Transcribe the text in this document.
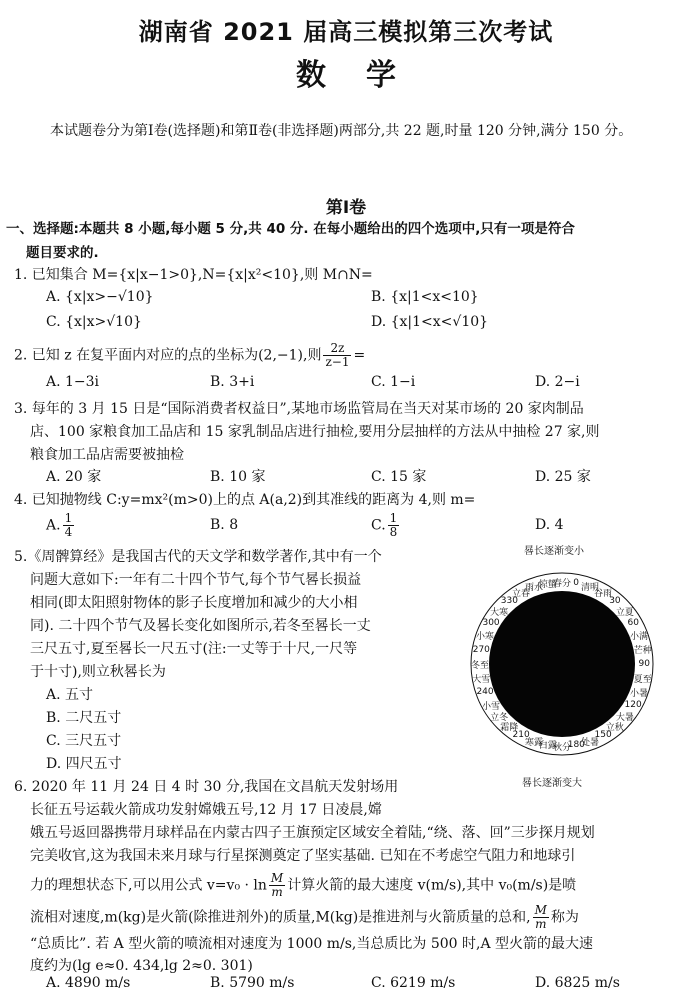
湖南省 2021 届高三模拟第三次考试
数学
本试题卷分为第Ⅰ卷(选择题)和第Ⅱ卷(非选择题)两部分,共 22 题,时量 120 分钟,满分 150 分。
第Ⅰ卷
一、选择题:本题共 8 小题,每小题 5 分,共 40 分. 在每小题给出的四个选项中,只有一项是符合
题目要求的.
1. 已知集合 M={x|x−1>0},N={x|x²<10},则 M∩N=
A. {x|x>−√10}	B. {x|1<x<10}
C. {x|x>√10}	D. {x|1<x<√10}
2. 已知 z 在复平面内对应的点的坐标为(2,−1),则 $\frac{2z}{z-1}$ =
A. 1−3i	B. 3+i	C. 1−i	D. 2−i
3. 每年的 3 月 15 日是“国际消费者权益日”,某地市场监管局在当天对某市场的 20 家肉制品
店、100 家粮食加工品店和 15 家乳制品店进行抽检,要用分层抽样的方法从中抽检 27 家,则
粮食加工品店需要被抽检
A. 20 家	B. 10 家	C. 15 家	D. 25 家
4. 已知抛物线 C:y=mx²(m>0)上的点 A(a,2)到其准线的距离为 4,则 m=
A. $\frac{1}{4}$	B. 8	C. $\frac{1}{8}$	D. 4
5.《周髀算经》是我国古代的天文学和数学著作,其中有一个
问题大意如下:一年有二十四个节气,每个节气晷长损益
相同(即太阳照射物体的影子长度增加和减少的大小相
同). 二十四个节气及晷长变化如图所示,若冬至晷长一丈
三尺五寸,夏至晷长一尺五寸(注:一丈等于十尺,一尺等
于十寸),则立秋晷长为
A. 五寸
B. 二尺五寸
C. 三尺五寸
D. 四尺五寸
晷长逐渐变小
春分 0
清明
谷雨
30
立夏
60
小满
芒种
90
夏至
小暑
120
大暑
立秋
150
处暑
180
秋分
白露
寒露
210
霜降
立冬
小雪
240
大雪
冬至
270
小寒
300
大寒
330
立春
雨水
惊蛰
晷长逐渐变大
6. 2020 年 11 月 24 日 4 时 30 分,我国在文昌航天发射场用
长征五号运载火箭成功发射嫦娥五号,12 月 17 日凌晨,嫦
娥五号返回器携带月球样品在内蒙古四子王旗预定区域安全着陆,“绕、落、回”三步探月规划
完美收官,这为我国未来月球与行星探测奠定了坚实基础. 已知在不考虑空气阻力和地球引
力的理想状态下,可以用公式 $v=v_0 \cdot \ln \frac{M}{m}$ 计算火箭的最大速度 v(m/s),其中 v₀(m/s)是喷
流相对速度,m(kg)是火箭(除推进剂外)的质量,M(kg)是推进剂与火箭质量的总和, $\frac{M}{m}$ 称为
“总质比”. 若 A 型火箭的喷流相对速度为 1000 m/s,当总质比为 500 时,A 型火箭的最大速
度约为(lg e≈0. 434,lg 2≈0. 301)
A. 4890 m/s	B. 5790 m/s	C. 6219 m/s	D. 6825 m/s
